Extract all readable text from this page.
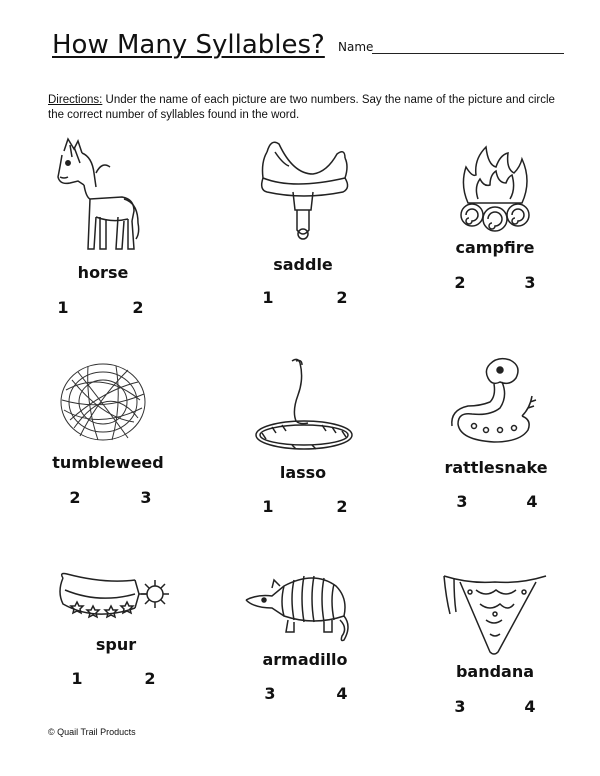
How Many Syllables? Name
Directions: Under the name of each picture are two numbers. Say the name of the picture and circle the correct number of syllables found in the word.
horse
1	2
saddle
1	2
campfire
2	3
tumbleweed
2	3
lasso
1	2
rattlesnake
3	4
spur
1	2
armadillo
3	4
bandana
3	4
© Quail Trail Products
